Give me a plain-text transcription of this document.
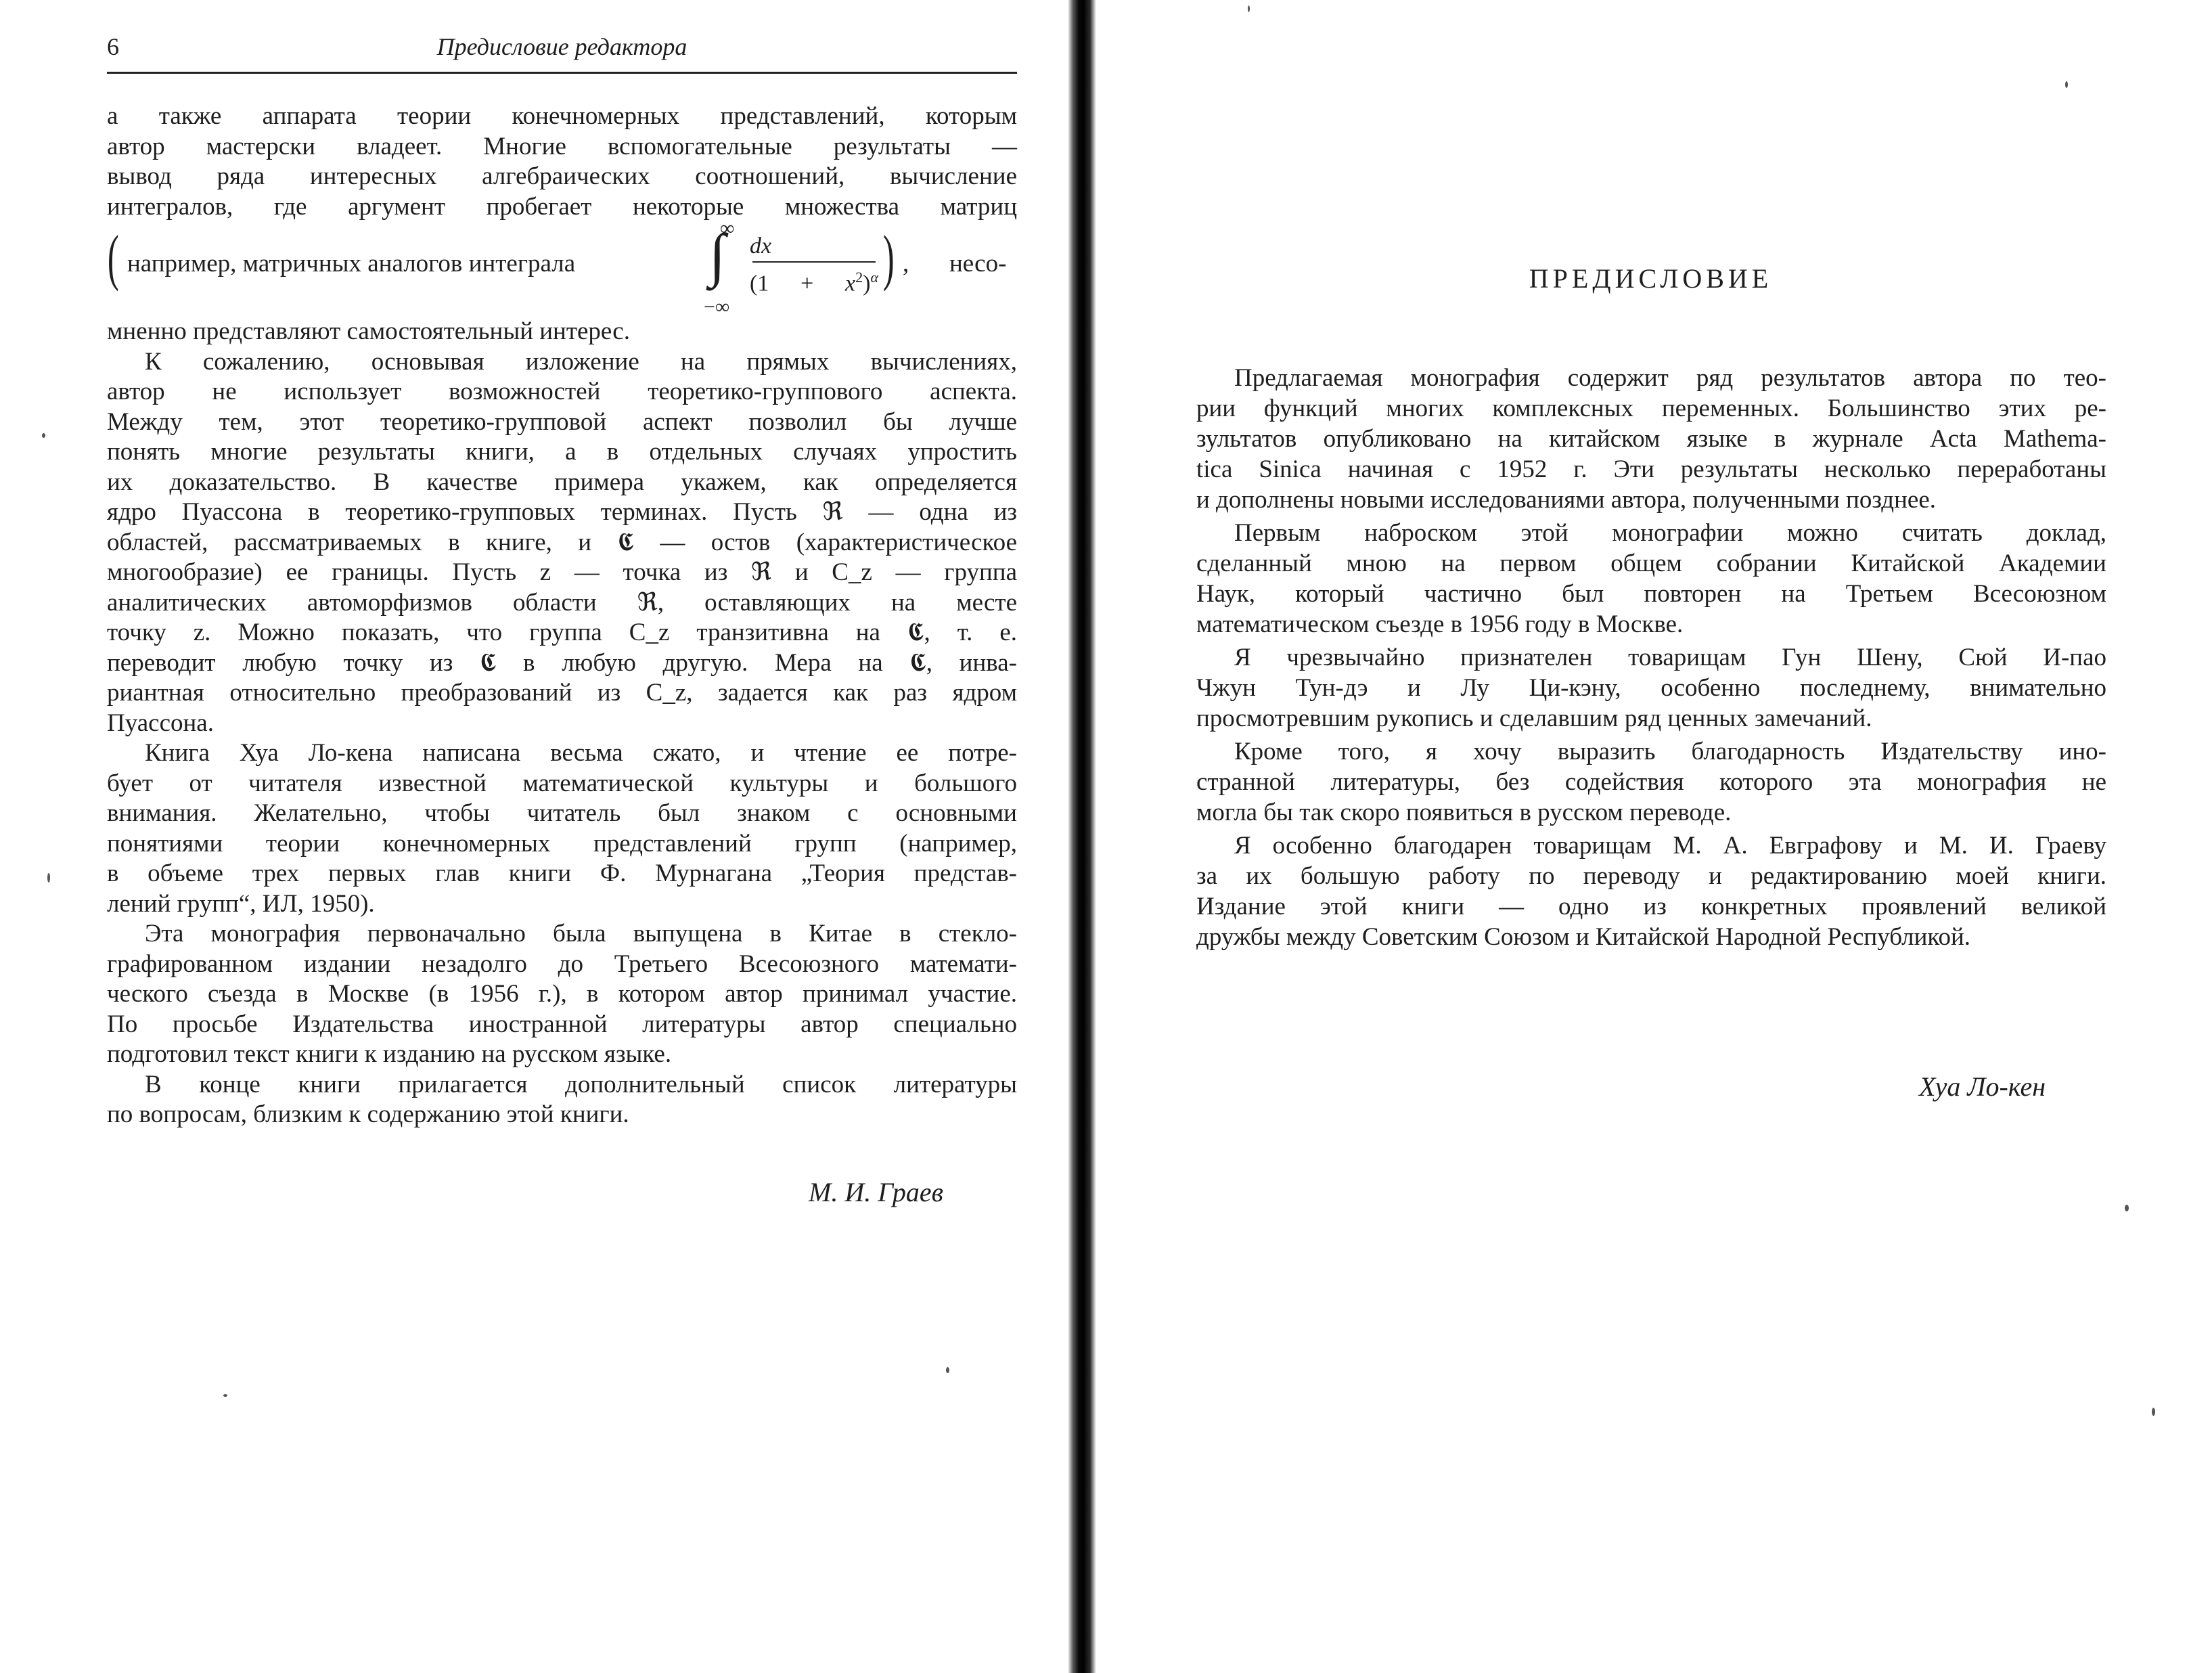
6	Предисловие редактора
а также аппарата теории конечномерных представлений, которым
автор мастерски владеет. Многие вспомогательные результаты —
вывод ряда интересных алгебраических соотношений, вычисление
интегралов, где аргумент пробегает некоторые множества матриц
( например, матричных аналогов интеграла
∞
∫
−∞
dx
$(1 + x^2)^\alpha$ ) , несо-
мненно представляют самостоятельный интерес.
К сожалению, основывая изложение на прямых вычислениях,
автор не использует возможностей теоретико-группового аспекта.
Между тем, этот теоретико-групповой аспект позволил бы лучше
понять многие результаты книги, а в отдельных случаях упростить
их доказательство. В качестве примера укажем, как определяется
ядро Пуассона в теоретико-групповых терминах. Пусть ℜ — одна из
областей, рассматриваемых в книге, и 𝕮 — остов (характеристическое
многообразие) ее границы. Пусть z — точка из ℜ и C_z — группа
аналитических автоморфизмов области ℜ, оставляющих на месте
точку z. Можно показать, что группа C_z транзитивна на 𝕮, т. е.
переводит любую точку из 𝕮 в любую другую. Мера на 𝕮, инва-
риантная относительно преобразований из C_z, задается как раз ядром
Пуассона.
Книга Хуа Ло-кена написана весьма сжато, и чтение ее потре-
бует от читателя известной математической культуры и большого
внимания. Желательно, чтобы читатель был знаком с основными
понятиями теории конечномерных представлений групп (например,
в объеме трех первых глав книги Ф. Мурнагана „Теория представ-
лений групп“, ИЛ, 1950).
Эта монография первоначально была выпущена в Китае в стекло-
графированном издании незадолго до Третьего Всесоюзного математи-
ческого съезда в Москве (в 1956 г.), в котором автор принимал участие.
По просьбе Издательства иностранной литературы автор специально
подготовил текст книги к изданию на русском языке.
В конце книги прилагается дополнительный список литературы
по вопросам, близким к содержанию этой книги.
М. И. Граев
ПРЕДИСЛОВИЕ
Предлагаемая монография содержит ряд результатов автора по тео-
рии функций многих комплексных переменных. Большинство этих ре-
зультатов опубликовано на китайском языке в журнале Acta Mathema-
tica Sinica начиная с 1952 г. Эти результаты несколько переработаны
и дополнены новыми исследованиями автора, полученными позднее.
Первым наброском этой монографии можно считать доклад,
сделанный мною на первом общем собрании Китайской Академии
Наук, который частично был повторен на Третьем Всесоюзном
математическом съезде в 1956 году в Москве.
Я чрезвычайно признателен товарищам Гун Шену, Сюй И-пао
Чжун Тун-дэ и Лу Ци-кэну, особенно последнему, внимательно
просмотревшим рукопись и сделавшим ряд ценных замечаний.
Кроме того, я хочу выразить благодарность Издательству ино-
странной литературы, без содействия которого эта монография не
могла бы так скоро появиться в русском переводе.
Я особенно благодарен товарищам М. А. Евграфову и М. И. Граеву
за их большую работу по переводу и редактированию моей книги.
Издание этой книги — одно из конкретных проявлений великой
дружбы между Советским Союзом и Китайской Народной Республикой.
Хуа Ло-кен
